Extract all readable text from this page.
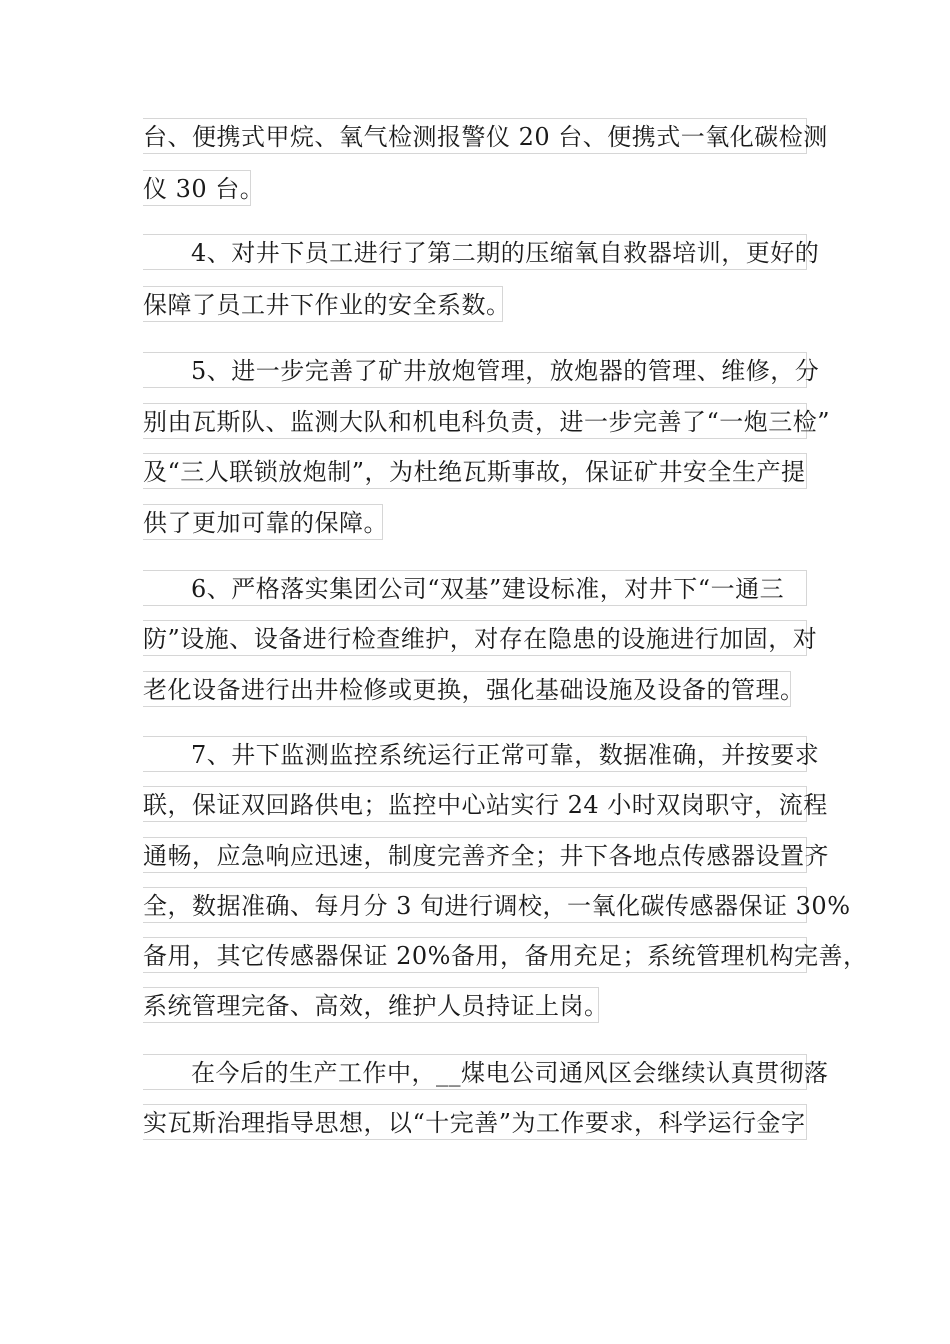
台、便携式甲烷、氧气检测报警仪 20 台、便携式一氧化碳检测
仪 30 台。
4、对井下员工进行了第二期的压缩氧自救器培训，更好的
保障了员工井下作业的安全系数。
5、进一步完善了矿井放炮管理，放炮器的管理、维修，分
别由瓦斯队、监测大队和机电科负责，进一步完善了“一炮三检”
及“三人联锁放炮制”，为杜绝瓦斯事故，保证矿井安全生产提
供了更加可靠的保障。
6、严格落实集团公司“双基”建设标准，对井下“一通三
防”设施、设备进行检查维护，对存在隐患的设施进行加固，对
老化设备进行出井检修或更换，强化基础设施及设备的管理。
7、井下监测监控系统运行正常可靠，数据准确，并按要求
联，保证双回路供电；监控中心站实行 24 小时双岗职守，流程
通畅，应急响应迅速，制度完善齐全；井下各地点传感器设置齐
全，数据准确、每月分 3 旬进行调校，一氧化碳传感器保证 30%
备用，其它传感器保证 20%备用，备用充足；系统管理机构完善，
系统管理完备、高效，维护人员持证上岗。
在今后的生产工作中，__煤电公司通风区会继续认真贯彻落
实瓦斯治理指导思想，以“十完善”为工作要求，科学运行金字
